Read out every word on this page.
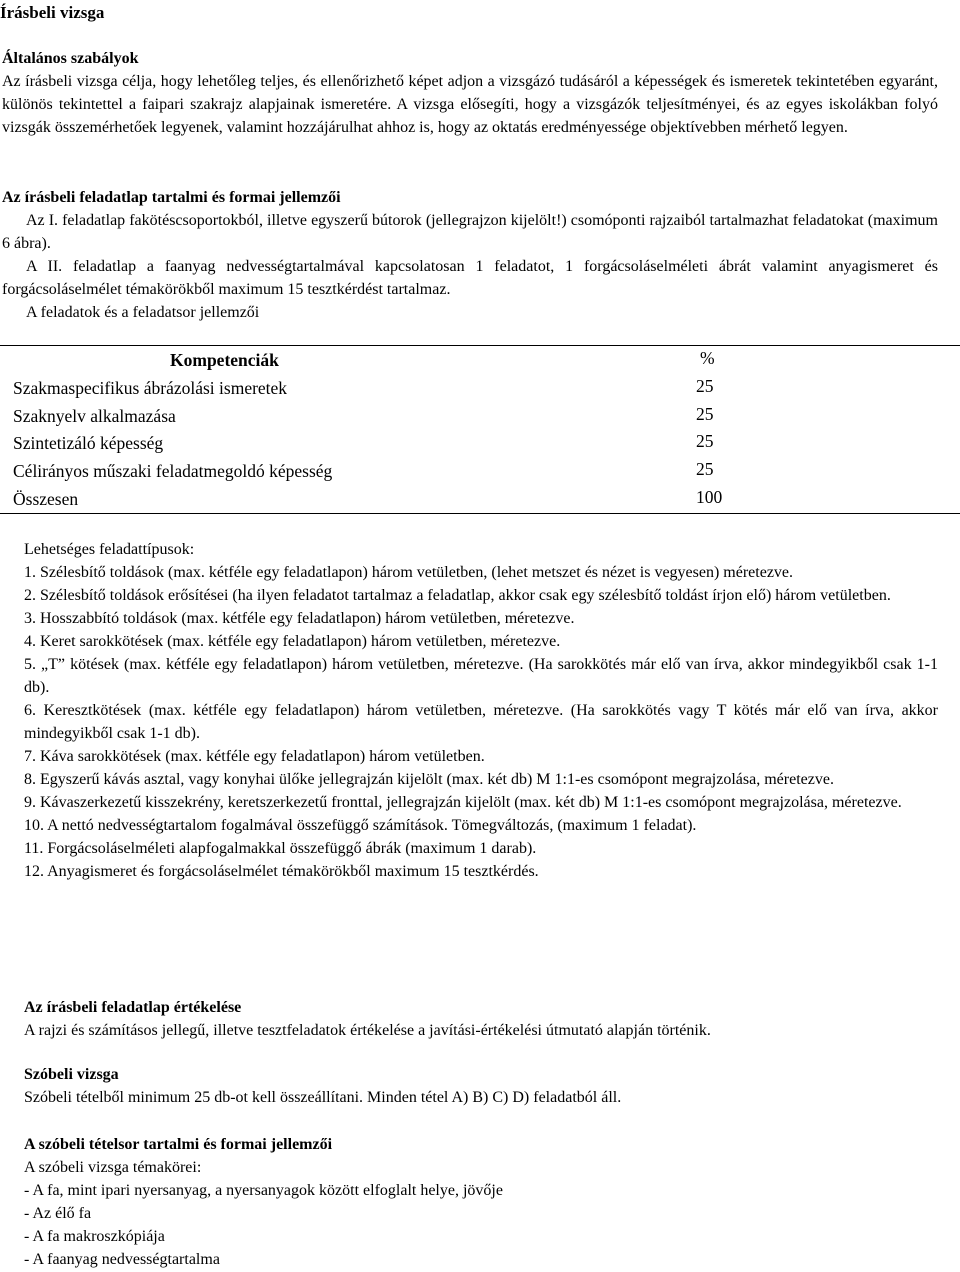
Írásbeli vizsga

Általános szabályok

Az írásbeli vizsga célja, hogy lehetőleg teljes, és ellenőrizhető képet adjon a vizsgázó tudásáról a képességek és ismeretek tekintetében egyaránt, különös tekintettel a faipari szakrajz alapjainak ismeretére. A vizsga elősegíti, hogy a vizsgázók teljesítményei, és az egyes iskolákban folyó vizsgák összemérhetőek legyenek, valamint hozzájárulhat ahhoz is, hogy az oktatás eredményessége objektívebben mérhető legyen.

Az írásbeli feladatlap tartalmi és formai jellemzői

Az I. feladatlap fakötéscsoportokból, illetve egyszerű bútorok (jellegrajzon kijelölt!) csomóponti rajzaiból tartalmazhat feladatokat (maximum 6 ábra).

A II. feladatlap a faanyag nedvességtartalmával kapcsolatosan 1 feladatot, 1 forgácsoláselméleti ábrát valamint anyagismeret és forgácsoláselmélet témakörökből maximum 15 tesztkérdést tartalmaz.

A feladatok és a feladatsor jellemzői

Kompetenciák	%
Szakmaspecifikus ábrázolási ismeretek	25
Szaknyelv alkalmazása	25
Szintetizáló képesség	25
Célirányos műszaki feladatmegoldó képesség	25
Összesen	100

Lehetséges feladattípusok:

1. Szélesbítő toldások (max. kétféle egy feladatlapon) három vetületben, (lehet metszet és nézet is vegyesen) méretezve.
2. Szélesbítő toldások erősítései (ha ilyen feladatot tartalmaz a feladatlap, akkor csak egy szélesbítő toldást írjon elő) három vetületben.
3. Hosszabbító toldások (max. kétféle egy feladatlapon) három vetületben, méretezve.
4. Keret sarokkötések (max. kétféle egy feladatlapon) három vetületben, méretezve.
5. „T” kötések (max. kétféle egy feladatlapon) három vetületben, méretezve. (Ha sarokkötés már elő van írva, akkor mindegyikből csak 1-1 db).
6. Keresztkötések (max. kétféle egy feladatlapon) három vetületben, méretezve. (Ha sarokkötés vagy T kötés már elő van írva, akkor mindegyikből csak 1-1 db).
7. Káva sarokkötések (max. kétféle egy feladatlapon) három vetületben.
8. Egyszerű kávás asztal, vagy konyhai ülőke jellegrajzán kijelölt (max. két db) M 1:1-es csomópont megrajzolása, méretezve.
9. Kávaszerkezetű kisszekrény, keretszerkezetű fronttal, jellegrajzán kijelölt (max. két db) M 1:1-es csomópont megrajzolása, méretezve.
10. A nettó nedvességtartalom fogalmával összefüggő számítások. Tömegváltozás, (maximum 1 feladat).
11. Forgácsoláselméleti alapfogalmakkal összefüggő ábrák (maximum 1 darab).
12. Anyagismeret és forgácsoláselmélet témakörökből maximum 15 tesztkérdés.

Az írásbeli feladatlap értékelése

A rajzi és számításos jellegű, illetve tesztfeladatok értékelése a javítási-értékelési útmutató alapján történik.

Szóbeli vizsga

Szóbeli tételből minimum 25 db-ot kell összeállítani. Minden tétel A) B) C) D) feladatból áll.

A szóbeli tételsor tartalmi és formai jellemzői

A szóbeli vizsga témakörei:

- A fa, mint ipari nyersanyag, a nyersanyagok között elfoglalt helye, jövője
- Az élő fa
- A fa makroszkópiája
- A faanyag nedvességtartalma
